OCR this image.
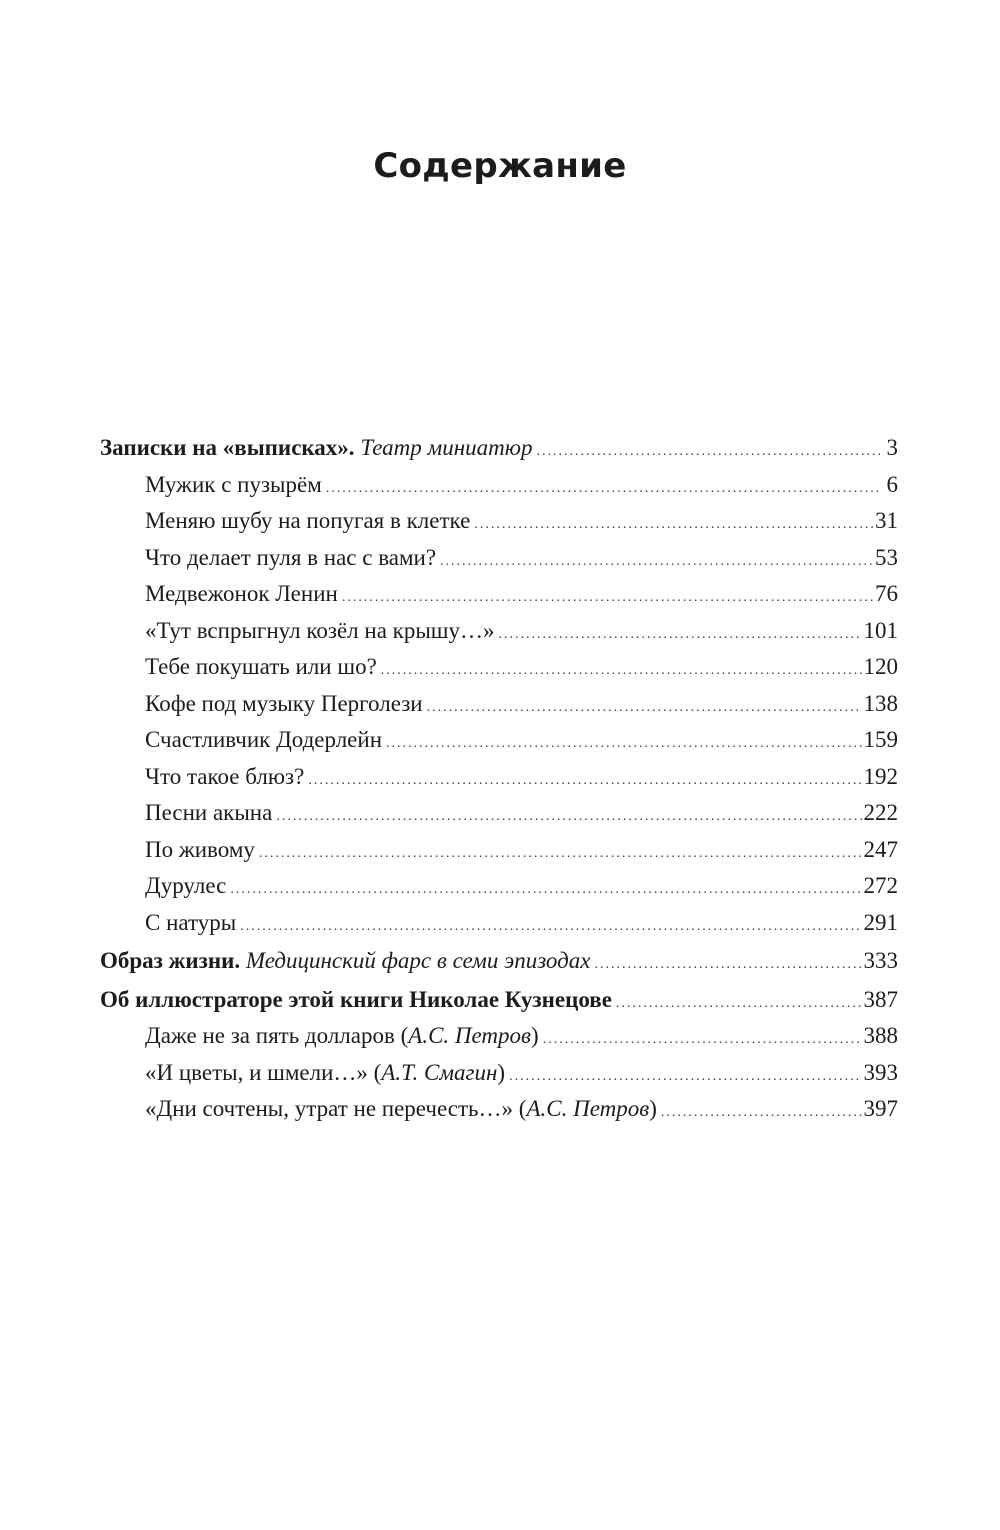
Содержание
Записки на «выписках». Театр миниатюр .....	3
Мужик с пузырём .....	6
Меняю шубу на попугая в клетке .....	31
Что делает пуля в нас с вами? .....	53
Медвежонок Ленин .....	76
«Тут вспрыгнул козёл на крышу…» .....	101
Тебе покушать или шо? .....	120
Кофе под музыку Перголези .....	138
Счастливчик Додерлейн .....	159
Что такое блюз? .....	192
Песни акына .....	222
По живому .....	247
Дурулес .....	272
С натуры .....	291
Образ жизни. Медицинский фарс в семи эпизодах .....	333
Об иллюстраторе этой книги Николае Кузнецове .....	387
Даже не за пять долларов (А.С. Петров) .....	388
«И цветы, и шмели…» (А.Т. Смагин) .....	393
«Дни сочтены, утрат не перечесть…» (А.С. Петров) .....	397
